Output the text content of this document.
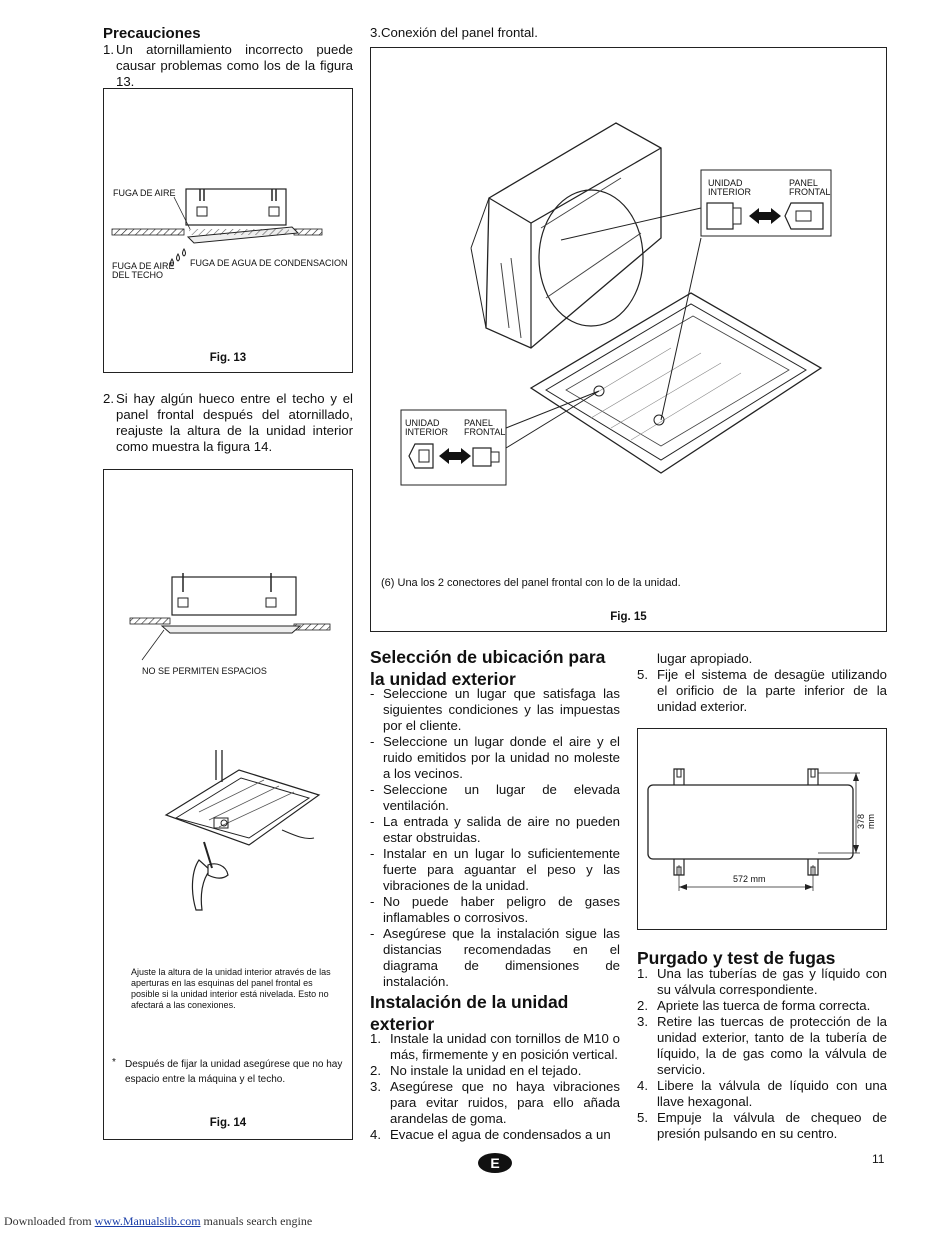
Precauciones
1. Un atornillamiento incorrecto puede causar problemas como los de la figura 13.
FUGA DE AIRE
FUGA DE AIRE
DEL TECHO
FUGA DE AGUA DE CONDENSACION
Fig. 13
2. Si hay algún hueco entre el techo y el panel frontal después del atornillado, reajuste la altura de la unidad interior como muestra la figura 14.
NO SE PERMITEN ESPACIOS
Ajuste la altura de la unidad interior através de las aperturas en las esquinas del panel frontal es posible si la unidad interior está nivelada. Esto no afectará a las conexiones.
* Después de fijar la unidad asegúrese que no hay espacio entre la máquina y el techo.
Fig. 14
3.Conexión del panel frontal.
UNIDAD
INTERIOR
PANEL
FRONTAL
UNIDAD
INTERIOR
PANEL
FRONTAL
(6) Una los 2 conectores del panel frontal con lo de la unidad.
Fig. 15
Selección de ubicación para la unidad exterior
- Seleccione un lugar que satisfaga las siguientes condiciones y las impuestas por el cliente.
- Seleccione un lugar donde el aire y el ruido emitidos por la unidad no moleste a los vecinos.
- Seleccione un lugar de elevada ventilación.
- La entrada y salida de aire no pueden estar obstruidas.
- Instalar en un lugar lo suficientemente fuerte para aguantar el peso y las vibraciones de la unidad.
- No puede haber peligro de gases inflamables o corrosivos.
- Asegúrese que la instalación sigue las distancias recomendadas en el diagrama de dimensiones de instalación.
Instalación de la unidad exterior
1. Instale la unidad con tornillos de M10 o más, firmemente y en posición vertical.
2. No instale la unidad en el tejado.
3. Asegúrese que no haya vibraciones para evitar ruidos, para ello añada arandelas de goma.
4. Evacue el agua de condensados a un
lugar apropiado.
5. Fije el sistema de desagüe utilizando el orificio de la parte inferior de la unidad exterior.
572 mm
378 mm
Purgado y test de fugas
1. Una las tuberías de gas y líquido con su válvula correspondiente.
2. Apriete las tuerca de forma correcta.
3. Retire las tuercas de protección de la unidad exterior, tanto de la tubería de líquido, la de gas como la válvula de servicio.
4. Libere la válvula de líquido con una llave hexagonal.
5. Empuje la válvula de chequeo de presión pulsando en su centro.
11
E
Downloaded from www.Manualslib.com manuals search engine
